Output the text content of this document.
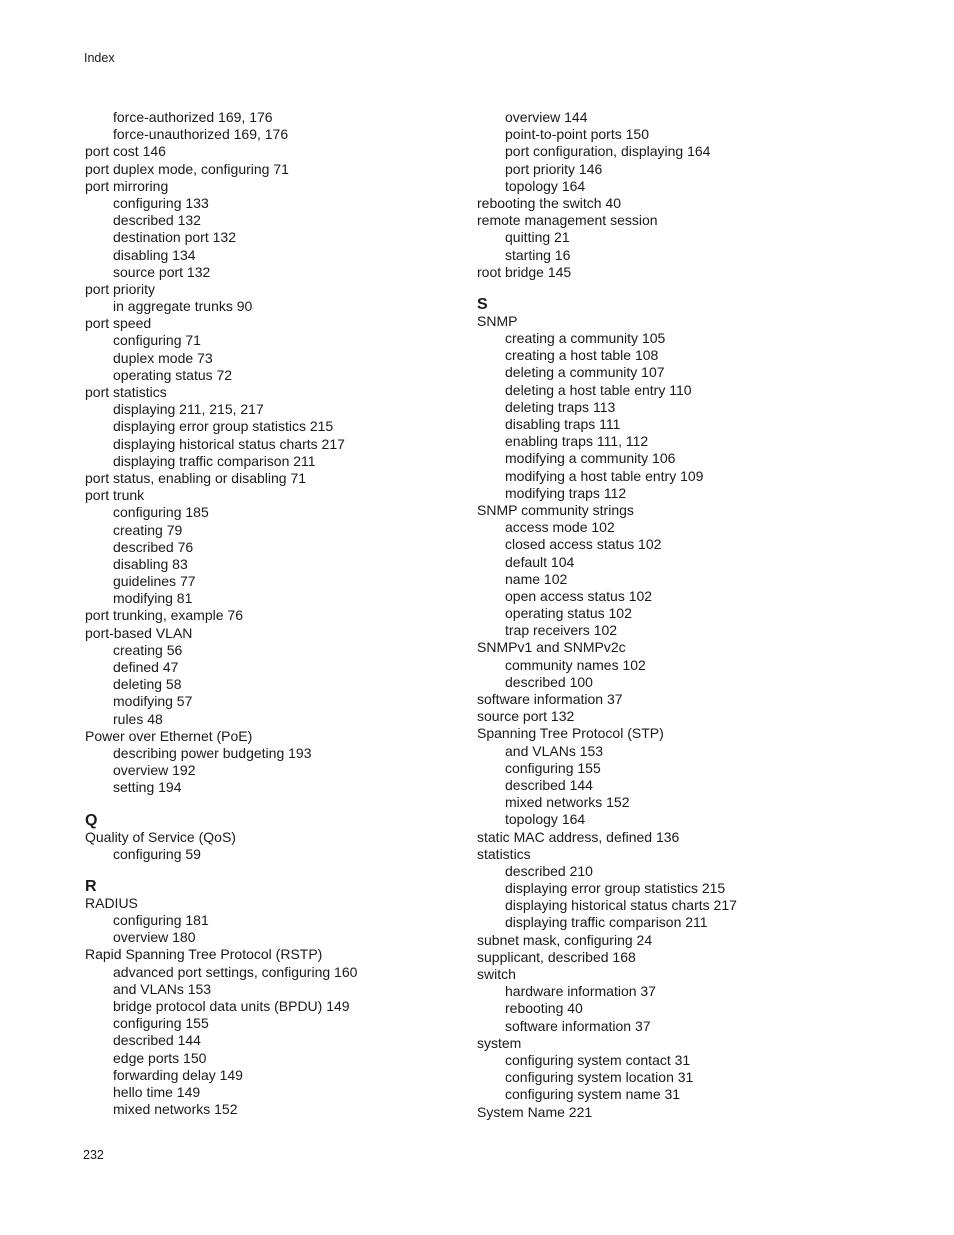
Index
force-authorized 169, 176
force-unauthorized 169, 176
port cost 146
port duplex mode, configuring 71
port mirroring
configuring 133
described 132
destination port 132
disabling 134
source port 132
port priority
in aggregate trunks 90
port speed
configuring 71
duplex mode 73
operating status 72
port statistics
displaying 211, 215, 217
displaying error group statistics 215
displaying historical status charts 217
displaying traffic comparison 211
port status, enabling or disabling 71
port trunk
configuring 185
creating 79
described 76
disabling 83
guidelines 77
modifying 81
port trunking, example 76
port-based VLAN
creating 56
defined 47
deleting 58
modifying 57
rules 48
Power over Ethernet (PoE)
describing power budgeting 193
overview 192
setting 194
Q
Quality of Service (QoS)
configuring 59
R
RADIUS
configuring 181
overview 180
Rapid Spanning Tree Protocol (RSTP)
advanced port settings, configuring 160
and VLANs 153
bridge protocol data units (BPDU) 149
configuring 155
described 144
edge ports 150
forwarding delay 149
hello time 149
mixed networks 152
overview 144
point-to-point ports 150
port configuration, displaying 164
port priority 146
topology 164
rebooting the switch 40
remote management session
quitting 21
starting 16
root bridge 145
S
SNMP
creating a community 105
creating a host table 108
deleting a community 107
deleting a host table entry 110
deleting traps 113
disabling traps 111
enabling traps 111, 112
modifying a community 106
modifying a host table entry 109
modifying traps 112
SNMP community strings
access mode 102
closed access status 102
default 104
name 102
open access status 102
operating status 102
trap receivers 102
SNMPv1 and SNMPv2c
community names 102
described 100
software information 37
source port 132
Spanning Tree Protocol (STP)
and VLANs 153
configuring 155
described 144
mixed networks 152
topology 164
static MAC address, defined 136
statistics
described 210
displaying error group statistics 215
displaying historical status charts 217
displaying traffic comparison 211
subnet mask, configuring 24
supplicant, described 168
switch
hardware information 37
rebooting 40
software information 37
system
configuring system contact 31
configuring system location 31
configuring system name 31
System Name 221
232
